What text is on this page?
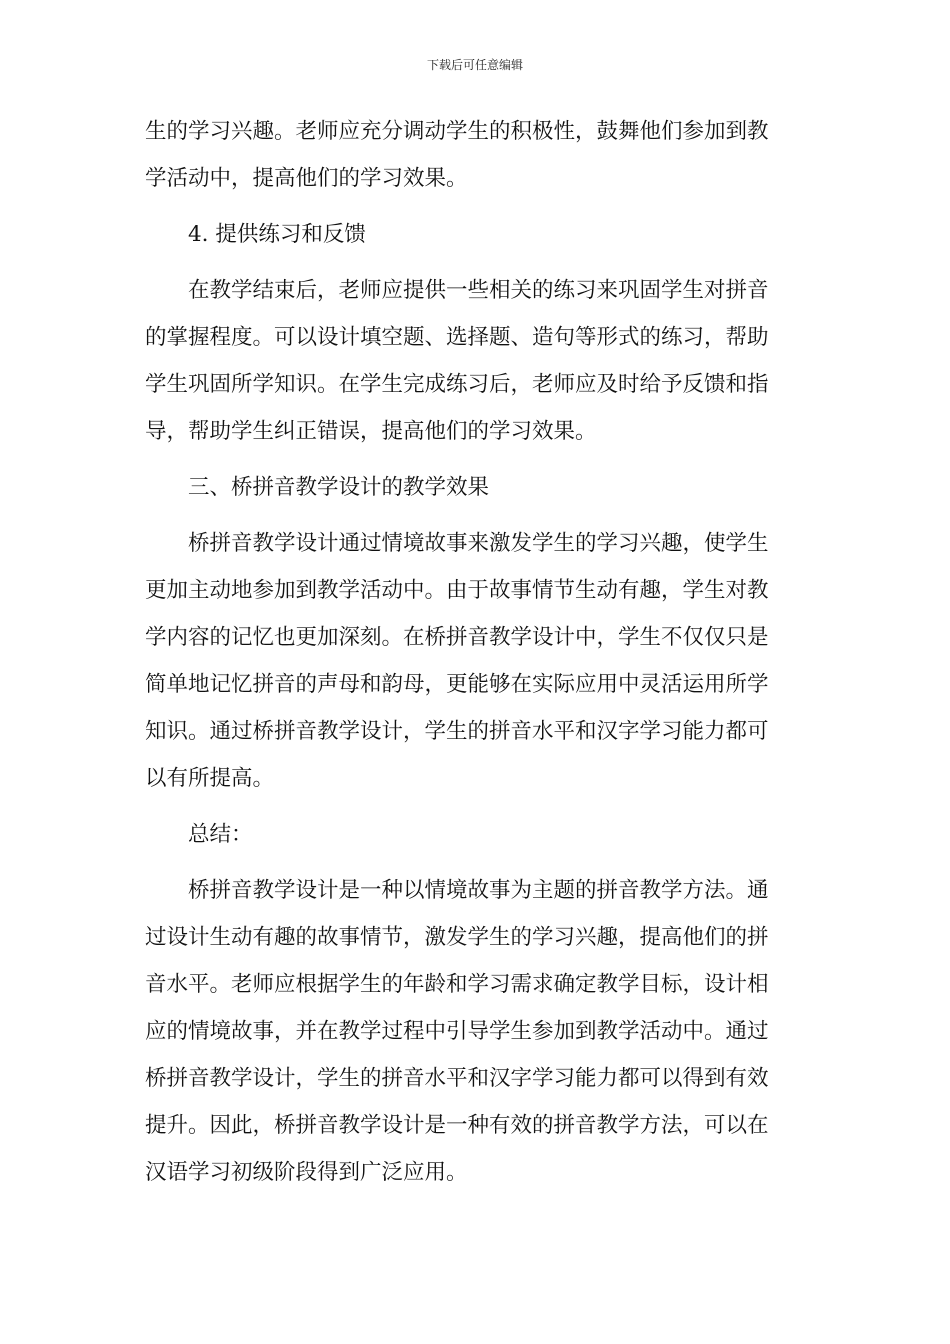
下载后可任意编辑
生的学习兴趣。老师应充分调动学生的积极性，鼓舞他们参加到教
学活动中，提高他们的学习效果。
4. 提供练习和反馈
在教学结束后，老师应提供一些相关的练习来巩固学生对拼音
的掌握程度。可以设计填空题、选择题、造句等形式的练习，帮助
学生巩固所学知识。在学生完成练习后，老师应及时给予反馈和指
导，帮助学生纠正错误，提高他们的学习效果。
三、桥拼音教学设计的教学效果
桥拼音教学设计通过情境故事来激发学生的学习兴趣，使学生
更加主动地参加到教学活动中。由于故事情节生动有趣，学生对教
学内容的记忆也更加深刻。在桥拼音教学设计中，学生不仅仅只是
简单地记忆拼音的声母和韵母，更能够在实际应用中灵活运用所学
知识。通过桥拼音教学设计，学生的拼音水平和汉字学习能力都可
以有所提高。
总结：
桥拼音教学设计是一种以情境故事为主题的拼音教学方法。通
过设计生动有趣的故事情节，激发学生的学习兴趣，提高他们的拼
音水平。老师应根据学生的年龄和学习需求确定教学目标，设计相
应的情境故事，并在教学过程中引导学生参加到教学活动中。通过
桥拼音教学设计，学生的拼音水平和汉字学习能力都可以得到有效
提升。因此，桥拼音教学设计是一种有效的拼音教学方法，可以在
汉语学习初级阶段得到广泛应用。
